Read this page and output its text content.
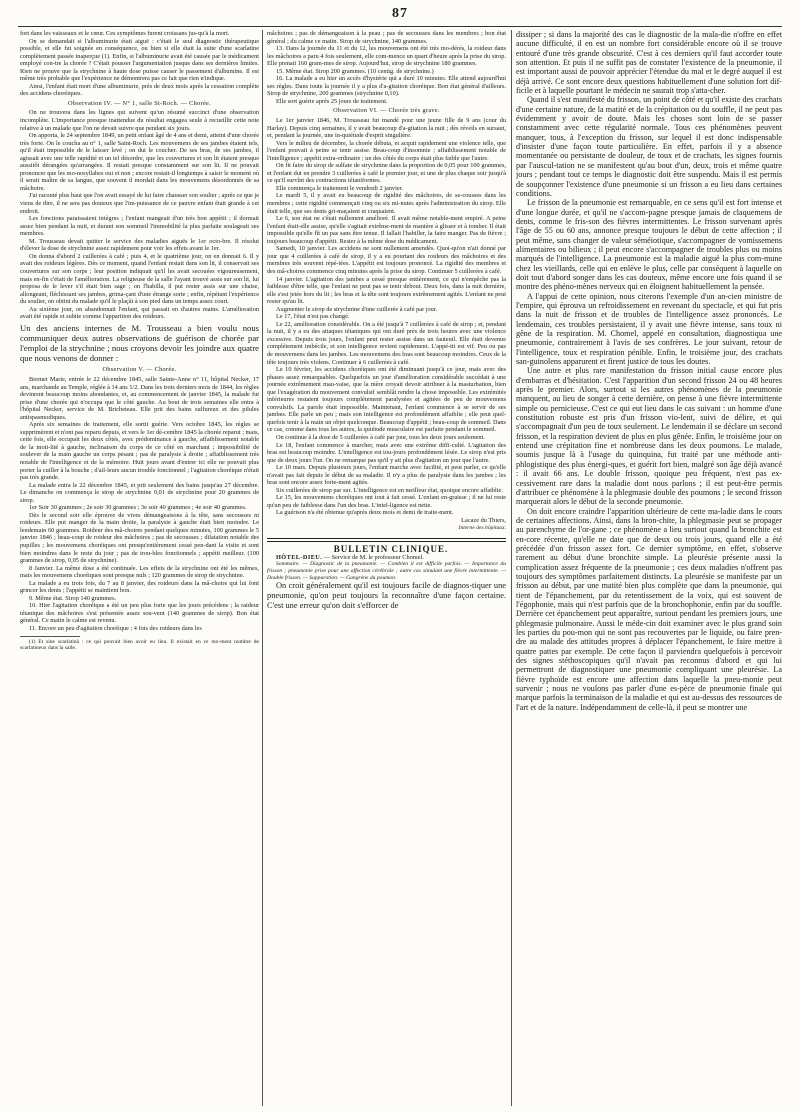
87

fort dans les vaisseaux et le cœur. Ces symptômes furent croissans jus-qu'à la mort.

On se demandait si l'albuminurie était aiguë : c'était le seul diagnostic thérapeutique possible, et elle fut soignée en conséquence, ou bien si elle était la suite d'une scarlatine complètement passée inaperçue (1). Enfin, si l'albuminurie avait été causée par le médicament employé con-tre la chorée ? C'était pousser l'argumentation jusque dans ses dernières limites. Rien ne prouve que la strychnine à haute dose puisse causer le passement d'albumine. Il est même très probable que l'expérience ne démontrera pas ce fait que rien n'indique.

Ainsi, l'enfant était mort d'une albuminurie, près de deux mois après la cessation complète des accidens choréiques.

Observation IV. — N° 1, salle St-Roch. — Chorée.

On ne trouvera dans les lignes qui suivent qu'un résumé succinct d'une observation incomplète. L'importance presque inattendue du résultat engagea seule à recueillir cette note relative à un malade que l'on ne devait suivre que pendant six jours.

On apporta, le 24 septembre 1849, un petit enfant âgé de 4 ans et demi, atteint d'une chorée très forte. On le coucha au n° 1, salle Saint-Roch. Les mouvemens de ses jambes étaient tels, qu'il était impossible de le laisser levé ; on dut le coucher. De ses bras, de ses jambes, il agissait avec une telle rapidité et un tel désordre, que les couvertures et son lit étaient presque aussitôt dérangées qu'arrangées. Il restait presque constamment sur son lit. Il ne pouvait prononcer que les mo-nosyllabes oui et non ; encore restait-il longtemps à saisir le moment où il serait maître de sa langue, que souvent il mordait dans les mouvemens désordonnés de sa mâchoire.

J'ai raconté plus haut que l'on avait essayé de lui faire chausser son soulier ; après ce que je viens de dire, il ne sera pas douteux que l'im-puissance de ce pauvre enfant était grande à cet endroit.

Les fonctions paraissaient intègres ; l'enfant mangeait d'un très bon appétit ; il dormait assez bien pendant la nuit, et durant son sommeil l'immobilité la plus parfaite soulageait ses membres.

M. Trousseau devait quitter le service des maladies aiguës le 1er octo-bre. Il résolut d'élever la dose de strychnine assez rapidement pour voir les effets avant le 1er.

On donna d'abord 2 cuillerées à café ; puis 4, et le quatrième jour, on en donnait 6. Il y avait des roideurs légères. Dès ce moment, quand l'enfant restait dans son lit, il conservait ses couvertures sur son corps ; leur position indiquait qu'il les avait secouées vigoureusement, mais en-fin c'était de l'amélioration. La religieuse de la salle l'ayant trouvé assis sur son lit, lui proposa de le lever s'il était bien sage ; on l'habilla, il put rester assis sur une chaise, allongeant, fléchissant ses jambes, grima-çant d'une étrange sorte ; enfin, répétant l'expérience du soulier, on obtint du malade qu'il le plaçât à son pied dans un temps assez court.

Au sixième jour, on abandonnait l'enfant, qui passait en d'autres mains. L'amélioration avait été rapide et subite comme l'apparition des roideurs.

Un des anciens internes de M. Trousseau a bien voulu nous communiquer deux autres observations de guérison de chorée par l'emploi de la strychnine ; nous croyons devoir les joindre aux quatre que nous venons de donner :

Observation V. — Chorée.

Bremet Marie, entrée le 22 décembre 1845, salle Sainte-Anne n° 11, hôpital Necker, 17 ans, marchande au Temple, réglée à 14 ans 1/2. Dans les trois derniers mois de 1844, les règles devinrent beaucoup moins abondantes, et, au commencement de janvier 1845, la malade fut prise d'une chorée qui n'occupa que le côté gauche. Au bout de trois semaines elle entra à l'hôpital Necker, service de M. Bricheteau. Elle prit des bains sulfureux et des pilules antispasmodiques.

Après six semaines de traitement, elle sortit guérie. Vers octobre 1845, les règles se supprimèrent et n'ont pas reparu depuis, et vers le 1er dé-cembre 1845 la chorée reparut ; mais, cette fois, elle occupait les deux côtés, avec prédominance à gauche, affaiblissement notable de la moti-lité à gauche, inclinaison du corps de ce côté en marchant ; impossibilité de soulever de la main gauche un corps pesant ; pas de paralysie à droite ; affaiblissement très notable de l'intelligence et de la mémoire. Huit jours avant d'entrer ici elle ne pouvait plus porter la cuiller à la bouche ; d'ail-leurs aucun trouble fonctionnel ; l'agitation choréique n'était pas très grande.

La malade entra le 22 décembre 1845, et prit seulement des bains jusqu'au 27 décembre. Le dimanche on commença le sirop de strychnine 0,01 de strychnine pour 20 grammes de sirop.

1er Soir 30 grammes ; 2e soir 30 grammes ; 3e soir 40 grammes ; 4e soir 40 grammes.

Dès le second soir elle éprouve de vives démangeaisons à la tête, sans secousses ni roideurs. Elle put manger de la main droite, la paralysie à gauche était bien moindre. Le lendemain 60 grammes. Roideur des mâ-choires pendant quelques minutes, 100 grammes le 5 janvier 1846 ; beau-coup de roideur des mâchoires ; pas de secousses ; dilatation notable des pupilles ; les mouvemens choréiques ont presqu'entièrement cessé pen-dant la visite et sont bien moindres dans le reste du jour ; pas de trou-bles fonctionnels ; appétit meilleur. (100 grammes de sirop, 0,05 de strychnine).

8 Janvier. La même dose a été continuée. Les effets de la strychnine ont été les mêmes, mais les mouvemens choréiques sont presque nuls ; 120 grammes de sirop de strychnine.

La malade a eu trois fois, du 7 au 8 janvier, des roideurs dans la mâ-choire qui lui font grincer les dents ; l'appétit se maintient bon.

9. Même état. Sirop 140 grammes.

10. Hier l'agitation choréique a été un peu plus forte que les jours précédens ; la raideur tétanique des mâchoires s'est présentée assez sou-vent (140 grammes de sirop). Bon état général. Ce matin le calme est revenu.

11. Encore un peu d'agitation choréique ; 4 fois des roideurs dans les

(1) Et sine scarlatinâ : ce qui pouvait bien avoir eu lieu. Il existait en ce mo-ment nombre de scarlatineux dans la salle.

mâchoires ; pas de démangeaison à la peau ; pas de secousses dans les membres ; bon état général ; du calme ce matin. Sirop de strychnine, 140 grammes.

13. Dans la journée du 11 et du 12, les mouvemens ont été très mo-dérés, la roideur dans les mâchoires a paru 4 fois seulement, elle com-mence un quart d'heure après la prise du sirop. Elle prenait 160 gram-mes de sirop. Aujourd'hui, sirop de strychnine 180 grammes.

15. Même état. Sirop 200 grammes. (10 centig. de strychnine.)

16. La malade a eu hier un accès d'hystérie qui a duré 10 minutes. Elle attend aujourd'hui ses règles. Dans toute la journée il y a plus d'a-gitation choréique. Bon état général d'ailleurs. Sirop de strychnine, 200 grammes (strychnine 0,10).

Elle sort guérie après 25 jours de traitement.

Observation VI. — Chorée très grave.

Le 1er janvier 1846, M. Trousseau fut mandé pour une jeune fille de 9 ans (cour du Harlay). Depuis cinq semaines, il y avait beaucoup d'a-gitation la nuit ; dès réveils en sursaut, et, pendant la journée, une in-quiétude d'esprit singulière.

Vers le milieu de décembre, la chorée débuta, et acquit rapidement une violence telle, que l'enfant pouvait à peine se tenir assise. Beau-coup d'insomnie ; affaiblissement notable de l'intelligence ; appétit extra-ordinaire ; un des côtés du corps était plus faible que l'autre.

On fit faire du sirop de sulfate de strychnine dans la proportion de 0,05 pour 100 grammes, et l'enfant dut en prendre 3 cuillerées à café le premier jour, et une de plus chaque soir jusqu'à ce qu'il survînt des contractions tétaniformes.

Elle commença le traitement le vendredi 2 janvier.

Le mardi 5, il y avait eu beaucoup de rigidité des mâchoires, de se-cousses dans les membres ; cette rigidité commençait cinq ou six mi-nutes après l'administration du sirop. Elle était telle, que ses dents gri-maçaient et craquaient.

Le 6, son état ne s'était nullement amélioré. Il avait même notable-ment empiré. A peine l'enfant était-elle assise, qu'elle s'agitait extrême-ment de manière à glisser et à tomber. Il était impossible qu'elle fît un pas sans être tenue. Il fallait l'habiller, la faire manger. Pas de fièvre ; toujours beaucoup d'appétit. Rester à la même dose du médicament.

Samedi, 10 janvier. Les accidens ne sont nullement amendés. Quoi-qu'on n'ait donné par jour que 4 cuillerées à café de sirop, il y a eu pourtant des roideurs des mâchoires et des membres très souvent répé-tées. L'appétit est toujours prononcé. La rigidité des membres et des mâ-choires commence cinq minutes après la prise du sirop. Continuer 5 cuillerées à café.

14 janvier. L'agitation des jambes a cessé presque entièrement, ce qui n'empêche pas la faiblesse d'être telle, que l'enfant ne peut pas se tenir debout. Deux fois, dans la nuit dernière, elle s'est jetée hors du lit ; les bras et la tête sont toujours extrêmement agités. L'enfant ne peut rester qu'au lit.

Augmenter le sirop de strychnine d'une cuillerée à café par jour.

Le 17, l'état n'est pas changé.

Le 22, amélioration considérable. On a été jusqu'à 7 cuillerées à café de sirop ; et, pendant la nuit, il y a eu des attaques tétaniques qui ont duré près de trois heures avec une violence excessive. Depuis trois jours, l'enfant peut rester assise dans un fauteuil. Elle était devenue complètement imbécile, et son intelligence revient rapidement. L'appé-tit est vif. Peu ou pas de mouvemens dans les jambes. Les mouvemens des bras sont beaucoup moindres. Ceux de la tête toujours très violens. Continuer à 6 cuillerées à café.

Le 10 février, les accidens choréiques ont été diminuant jusqu'à ce jour, mais avec des phases assez remarquables. Quelquefois un jour d'amélioration considérable succédait à une journée extrêmement mau-vaise, que la mère croyait devoir attribuer à la masturbation, bien que l'exagération du mouvement convulsif semblât rendre la chose impossible. Les extrémités inférieures restaient toujours complètement paralysées et agitées de peu de mouvemens convulsifs. La parole était impossible. Maintenant, l'enfant commence à se servir de ses jambes. Elle parle un peu ; mais son intelligence est profondément affaiblie ; elle peut quel-quefois tenir à la main un objet quelconque. Beaucoup d'appétit ; beau-coup de sommeil. Dans ce cas, comme dans tous les autres, la quiétude musculaire est parfaite pendant le sommeil.

On continue à la dose de 5 cuillerées à café par jour, tous les deux jours seulement.

Le 18, l'enfant commence à marcher, mais avec une extrême diffi-culté. L'agitation des bras est beaucoup moindre. L'intelligence est tou-jours profondément lésée. Le sirop n'est pris que de deux jours l'un. On ne remarque pas qu'il y ait plus d'agitation un jour que l'autre.

Le 10 mars. Depuis plusieurs jours, l'enfant marche avec facilité, et peut parler, ce qu'elle n'avait pas fait depuis le début de sa maladie. Il n'y a plus de paralysie dans les jambes ; les bras sont encore assez forte-ment agités.

Six cuillerées de sirop par sur. L'intelligence est en meilleur état, quoique encore affaiblie.

Le 15, les mouvemens choréiques ont tout à fait cessé. L'enfant en-graisse ; il ne lui reste qu'un peu de faiblesse dans l'un des bras. L'intel-ligence est nette.

La guérison n'a été obtenue qu'après deux mois et demi de traite-ment.

Lacaze du Thiers,

Interne des hôpitaux.

BULLETIN CLINIQUE.

HÔTEL-DIEU. — Service de M. le professeur Chomel.

Sommaire. — Diagnostic de la pneumonie. — Combien il est difficile parfois. — Importance du frisson ; pneumonie prise pour une affection cérébrale ; autre cas simulant une fièvre intermittente. — Double frisson. — Suppuration. — Gangrène du poumon.

On croit généralement qu'il est toujours facile de diagnos-tiquer une pneumonie, qu'on peut toujours la reconnaître d'une façon certaine. C'est une erreur qu'on doit s'efforcer de

dissiper ; si dans la majorité des cas le diagnostic de la mala-die n'offre en effet aucune difficulté, il en est un nombre fort considérable encore où il se trouve entouré d'une très grande obscurité. C'est à ces derniers qu'il faut accorder toute son attention. Et puis il ne suffit pas de constater l'existence de la pneumonie, il est important aussi de pouvoir apprécier l'étendue du mal et le degré auquel il est déjà arrivé. Ce sont encore deux questions habituellement d'une solution fort dif-ficile et à laquelle pourtant le médecin ne saurait trop s'atta-cher.

Quand il s'est manifesté du frisson, un point de côté et qu'il existe des crachats d'une certaine nature, de la matité et de la crépitation ou du souffle, il ne peut pas évidemment y avoir de doute. Mais les choses sont loin de se passer constamment avec cette régularité normale. Tous ces phénomènes peuvent manquer, tous, à l'exception du frisson, sur lequel il est donc indispensable d'insister d'une façon toute particulière. En effet, parfois il y a absence momentanée ou persistante de douleur, de toux et de crachats, les signes fournis par l'auscul-tation ne se manifestent qu'au bout d'un, deux, trois et même quatre jours ; pendant tout ce temps le diagnostic doit être suspendu. Mais il est permis de soupçonner l'existence d'une pneumonie si un frisson a eu lieu dans certaines conditions.

Le frisson de la pneumonie est remarquable, en ce sens qu'il est fort intense et d'une longue durée, et qu'il ne s'accom-pagne presque jamais de claquemens de dents, comme le fris-son des fièvres intermittentes. Le frisson survenant après l'âge de 55 ou 60 ans, annonce presque toujours le début de cette affection ; il peut même, sans changer de valeur séméiotique, s'accompagner de vomissemens alimentaires ou bilieux ; il peut encore s'accompagner de troubles plus ou moins marqués de l'intelligence. La pneumonie est la maladie aiguë la plus com-mune chez les vieillards, celle qui en enlève le plus, celle par conséquent à laquelle on doit tout d'abord songer dans les cas douteux, même encore une fois quand il se montre des phéno-mènes nerveux qui en éloignent habituellement la pensée.

A l'appui de cette opinion, nous citerons l'exemple d'un an-cien ministre de l'empire, qui éprouva un refroidissement en revenant du spectacle, et qui fut pris dans la nuit de frisson et de troubles de l'intelligence assez prononcés. Le lendemain, ces troubles persistaient, il y avait une fièvre intense, sans toux ni gêne de la respiration. M. Chomel, appelé en consultation, diagnostiqua une pneumonie, contrairement à l'avis de ses confrères. Le jour suivant, retour de l'intelligence, toux et respiration pénible. Enfin, le troisième jour, des crachats san-guinolens apparurent et firent justice de tous les doutes.

Une autre et plus rare manifestation du frisson initial cause encore plus d'embarras et d'hésitation. C'est l'apparition d'un second frisson 24 ou 48 heures après le premier. Alors, surtout si les autres phénomènes de la pneumonie manquent, au lieu de songer à cette dernière, on pense à une fièvre intermittente simple ou pernicieuse. C'est ce qui eut lieu dans le cas suivant : un homme d'une constitution robuste est pris d'un frisson vio-lent, suivi de délire, et qui s'accompagnait d'un peu de toux seulement. Le lendemain il se déclare un second frisson, et la respiration devient de plus en plus gênée. Enfin, le troisième jour on entend une crépitation fine et nombreuse dans les deux poumons. Le malade, soumis jusque là à l'usage du quinquina, fut traité par une méthode anti-phlogistique des plus énergi-ques, et guérit fort bien, malgré son âge déjà avancé : il avait 66 ans. Le double frisson, quoique peu fréquent, n'est pas ex-cessivement rare dans la maladie dont nous parlons ; il est peut-être permis d'attribuer ce phénomène à la phlegmasie double des poumons ; le second frisson marquerait alors le début de la seconde pneumonie.

On doit encore craindre l'apparition ultérieure de cette ma-ladie dans le cours de certaines affections. Ainsi, dans la bron-chite, la phlegmasie peut se propager au parenchyme de l'or-gane ; ce phénomène a lieu surtout quand la bronchite est en-core récente, qu'elle ne date que de deux ou trois jours, quand elle a été précédée d'un frisson assez fort. Ce dernier symptôme, en effet, s'observe rarement au début d'une bronchite simple. La pleurésie présente aussi la complication assez fréquente de la pneumonie ; ces deux maladies n'offrent pas toujours des symptômes parfaitement distincts. La pleurésie se manifeste par un frisson au début, par une matité bien plus complète que dans la pneumonie, qui tient de l'épanchement, par du retentissement de la voix, qui est souvent de l'égophonie, mais qui n'est parfois que de la bronchophonie, enfin par du souffle. Derrière cet épanchement peut apparaître, surtout pendant les premiers jours, une phlegmasie pulmonaire. Aussi le méde-cin doit examiner avec le plus grand soin les parties du pou-mon qui ne sont pas recouvertes par le liquide, ou faire pren-dre au malade des attitudes propres à déplacer l'épanchement, le faire mettre à quatre pattes par exemple. De cette façon il parviendra quelquefois à percevoir des signes stéthoscopiques qu'il n'avait pas reconnus d'abord et qui lui permettront de diagnostiquer une pneumonie compliquant une pleurésie. La fièvre typhoïde est encore une affection dans laquelle la pneu-monie peut survenir ; nous ne voulons pas parler d'une es-pèce de pneumonie finale qui marque parfois la terminaison de la maladie et qui est au-dessus des ressources de l'art et de la nature. Indépendamment de celle-là, il peut se montrer une
